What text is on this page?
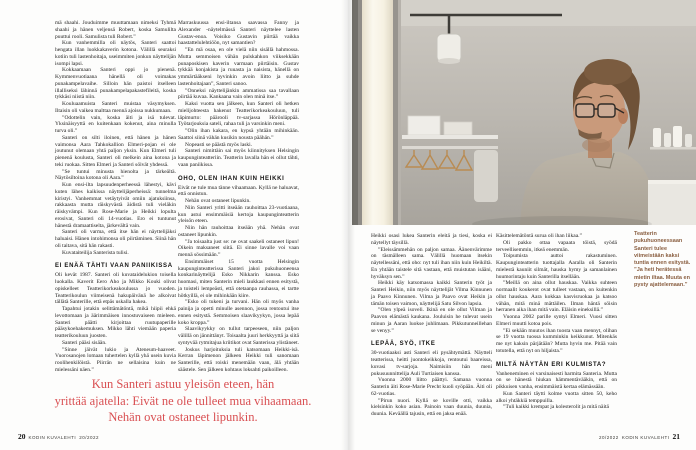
mä shaahi. Jouduimme muuttamaan nimeksi Tyhmä shaahi ja hänen veljensä Robert, koska Samulilta puuttui rooli. Samulista tuli Robert.”

Kun vanhemmilla oli näytös, Santeri saattoi hengata illan luokkakaverin kotona. Välillä seuraksi kotiin tuli lastenhoitaja, useimmiten jonkun näyttelijän isompi lapsi.

Kokkaamaan Santeri oppi jo pienenä. Kymmenvuotiaana hänellä oli voimakas punakampelavaihe. Silloin hän paistoi itselleen illalliseksi lähinnä punakampelapakastefileitä, koska tykkäsi niistä niin.

Kouluaamuista Santeri muistaa väsymyksen. Iltaisin oli vaikea malttaa mennä ajoissa nukkumaan.

”Odottelin vain, koska äiti ja isä tulevat. Yksinäisyyttä en kuitenkaan kokenut, aina minulla turva oli.”

Santeri on silti iloinen, että hänen ja hänen vaimonsa Aara Tahkokallion Elmeri-pojan ei ole joutunut olemaan yhtä paljon yksin. Kun Elmeri tuli pienenä koulusta, Santeri oli melkein aina kotona ja teki ruokaa. Sitten Elmeri ja Santeri söivät yhdessä.

”Se tuntui minusta hienolta ja tärkeältä. Näytösiltoina kotona oli Aara.”

Kun ensi-ilta lapsuudenperheessä lähestyi, kävi kuten lähes kaikissa näyttelijäperheissä: tunnelma kiristyi. Vanhemmat vetäytyivät omiin ajatuksiinsa, rakkaasta mutta räiskyvästä äidistä tuli vieläkin räiskyvämpi. Kun Rose-Marie ja Heikki lopulta erosivat, Santeri oli 14-vuotias. Ero ei tuntunut hänestä dramaattiselta, järkevältä vain.

Santeri oli varma, että itse hän ei näyttelijäksi haluaisi. Hänen intohimonsa oli piirtäminen. Siinä hän oli taitava, sitä hän rakasti.

Kuvataiteilija Santerista tulisi.

EI ENÄÄ TÄHTI VAAN PANIIKISSA

Oli kevät 1987. Santeri oli kuvataidelukion toisella luokalla. Kaverit Eero Aho ja Mikko Kouki olivat opiskelleet Teatterikorkeakoulussa jo vuoden. Teatterikoulun viimeisenä hakupäivänä he alkoivat tällätä Santerille, että etpäs uskalla hakea.

Tapahtui jotakin selittämätöntä, mikä hiipii ehkä levottomaan ja äärimmäisen innostuvaiseen mieleen. Santeri päätti kirjoittaa ruutupaperille pääsykoehakemuksen. Mikko lähti viemään paperia teatterikouluun juosten.

Santeri pääsi sisään.

”Sinne jäivät lukio ja Ateneum-haaveet. Vuorosanojen lomaan tuhertelen kyllä yhä usein kuvia roolihenkilöistä. Piirrän ne sellaisina kuin ne mielessäni näen.”

Marraskuussa ensi-iltansa saavassa Fanny ja Alexander -näytelmässä Santeri näyttelee lasten Gustav-enoa. Voisiko Gustavin piirtää vaikka haastattelulehtiöön, nyt samantien?

”En mä osaa, en ole vielä niin sisällä hahmossa. Mutta semmoisen vähän pulskahkon viiksekkään punaposkisen kaverin varmaan piirtäisin. Gustav tykkää konjakista ja ruuasta ja naisista, hänellä on ymmärtääkseni hyvinkin avoin liitto ja suhde lastenhoitajaan”, Santeri sanoo.

”Onneksi näyttelijänkin ammatissa saa tavallaan piirtää kuvaa. Kankaana vain olen minä itse.”

Kaksi vuotta sen jälkeen, kun Santeri oli hetken mielijohteesta hakenut Teatterikorkeakouluun, tuli läpimurto: päärooli tv-sarjassa Hörönläppää. Työtarjouksia sateli, rahaa tuli ja varsinkin meni.

”Olin ihan kakara, en kypsä yhtään mihinkään. Saattoi siinä vähän kusikin nousta päähän.”

Nopeasti se päästä myös laski.

Santeri nimittäin sai myös kiinnityksen Helsingin kaupunginteatteriin. Teatterin lavalla hän ei ollut tähti, vaan paniikissa.

OHO, OLEN IHAN KUIN HEIKKI

Eivät ne tule mua tänne vihaamaan. Kyllä ne haluavat, että onnistun.

Nehän ovat ostaneet lipunkin.

Niin Santeri yritti itseään rauhoittaa 23-vuotiaana, kun astui ensimmäisiä kertoja kaupunginteatterin yleisön eteen.

Niin hän rauhoittaa itseään yhä. Nehän ovat ostaneet lipunkin.

”Ja toisaalta just se: ne ovat saakeli ostaneet lipun! Oikein maksaneet siitä. Ei sinne lavalle voi vaan mennä sössimään.”

Ensimmäiset 15 vuotta Helsingin kaupunginteatterissa Santeri jakoi pukuhuoneensa konkarinäyttelijä Esko Nikkarin kanssa. Esko huomasi, miten Santerin mieli laukkasi ennen esitystä, ja toisteli lempeästi, että otetaanpa rauhassa, ei tartte hötkyillä, ei ole mihinkään kiire.

”Esko oli tukeni ja turvani. Hän oli myös vanha painija ja opetti minulle asennon, jossa rentoutui itse ennen esitystä. Semmoisen slaavikyykyn, jossa lepää koko kroppa.”

Slaavikyykky on tullut tarpeeseen, niin paljon välillä on jännittänyt. Toisaalta juuri herkkyyttä ja siitä syntyvää rytmitajua kriitikot ovat Santerissa ylistäneet.

Joskus harjoituksia tuli katsomaan Heikki-isä. Kerran läpimenon jälkeen Heikki tuli sanomaan Santerille, että roiski menemään vaan, älä yhtään säästele. Sen jälkeen kohtaus loksahti paikoilleen.

Teatterin pukuhuoneessaan Santeri tulee viimeistään kaksi tuntia ennen esitystä. ”Ja heti herätessä mietin iltaa. Muuta en pysty ajattelemaan.”

Heikki osasi lukea Santerin eleitä ja tiesi, koska ei näytellyt täysillä.

”Eleissämmehän on paljon samaa. Äänenvärimme on täsmälleen sama. Välillä huomaan itsekin näytellessäni, että oho: nyt tuli ihan niin kuin Heikiltä. En yhtään taistele sitä vastaan, että muistutan isääni, hyväksyn sen.”

Heikki käy katsomassa kaikki Santerin työt ja Santeri Heikin, niin myös näyttelijät Vilma Kinnunen ja Paavo Kinnunen. Vilma ja Paavo ovat Heikin ja tämän toisen vaimon, näyttelijä Satu Silvon lapsia.

”Olen ylpeä isoveli. Ikinä en ole ollut Vilman ja Paavon elämästä kaukana. Jouluisin he tulevat usein minun ja Aaran luokse juhlimaan. Pikkutunneillehan se venyy.”

LEPÄÄ, SYÖ, ITKE

30-vuotiaaksi asti Santeri eli pysähtymättä. Näytteli teatterissa, heitti juontokeikkoja, rentoutui baareissa, kuvasi tv-sarjoja. Naimisiin hän meni pukusuunnittelija Auli Turtiaisen kanssa.

Vuonna 2000 liitto päättyi. Samana vuonna Santerin äiti Rose-Marie Precht kuoli syöpään. Äiti oli 62-vuotias.

”Pirun nuori. Kyllä se koville otti, vaikka kielsinkin koko asian. Painoin vaan duunia, duunia, duunia. Keväällä tajusin, että en jaksa enää.

Käsittelemätöntä surua oli ihan liikaa.”

Oli pakko ottaa vapaata töistä, syödä terveellisemmin, itkeä enemmän.

Toipumista auttoi rakastuminen. Kaupunginteatterin tuottajalla Aaralla oli Santerin mielestä kauniit silmät, hauska hymy ja samanlainen huumorintaju kuin Santerilla itsellään.

”Meillä on aina ollut hauskaa. Vaikka suhteen normaalit koukerot ovat tulleet vastaan, on kuitenkin ollut hauskaa. Aara kokkaa kasvisruokaa ja katsoo vähän, mitä minä mättäilen. Ilman häntä söisin herranen aika ihan mitä vain. Eläisin eineksillä.”

Vuonna 2002 parille syntyi Elmeri. Vuosi sitten Elmeri muutti kotoa pois.

”Ei sekään muutos ihan tuosta vaan mennyt, olihan se 19 vuotta tuossa kumminkin keikkunut. Mitenkäs me nyt kaksin pärjätään? Mutta hyvin me. Pitää vain totutella, että nyt on hiljaista.”

MILTÄ NÄYTÄN ERI KULMISTA?

Vanheneminen ei varsinaisesti harmita Santeria. Mutta on se hänestä hiukan hämmentävääkin, että on pikkuisen vanha, ensimmäistä kertaa elämässään.

Kun Santeri täytti kolme vuotta sitten 50, keho alkoi yhtäkkiä temppuilla.

”Tuli kaikki krempat ja kolesterolit ja mitä näitä

Kun Santeri astuu yleisön eteen, hän
yrittää ajatella: Eivät ne ole tulleet mua vihaamaan.
Nehän ovat ostaneet lipunkin.
20 KODIN KUVALEHTI 20/2022	20/2022 KODIN KUVALEHTI 21
